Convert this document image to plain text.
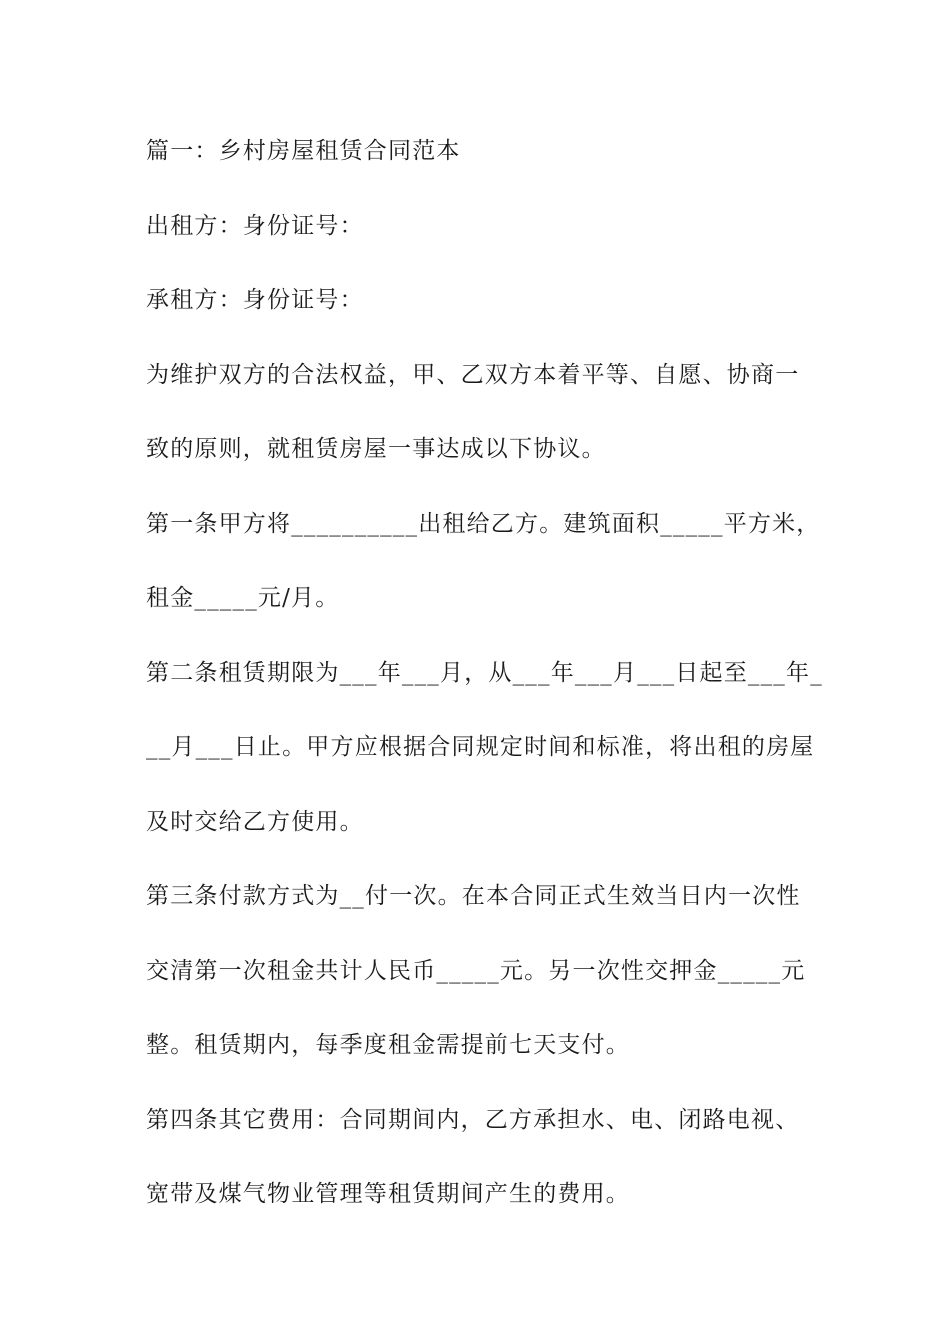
篇一：乡村房屋租赁合同范本
出租方：身份证号：
承租方：身份证号：
为维护双方的合法权益，甲、乙双方本着平等、自愿、协商一
致的原则，就租赁房屋一事达成以下协议。
第一条甲方将__________出租给乙方。建筑面积_____平方米，
租金_____元/月。
第二条租赁期限为___年___月，从___年___月___日起至___年_
__月___日止。甲方应根据合同规定时间和标准，将出租的房屋
及时交给乙方使用。
第三条付款方式为__付一次。在本合同正式生效当日内一次性
交清第一次租金共计人民币_____元。另一次性交押金_____元
整。租赁期内，每季度租金需提前七天支付。
第四条其它费用：合同期间内，乙方承担水、电、闭路电视、
宽带及煤气物业管理等租赁期间产生的费用。
